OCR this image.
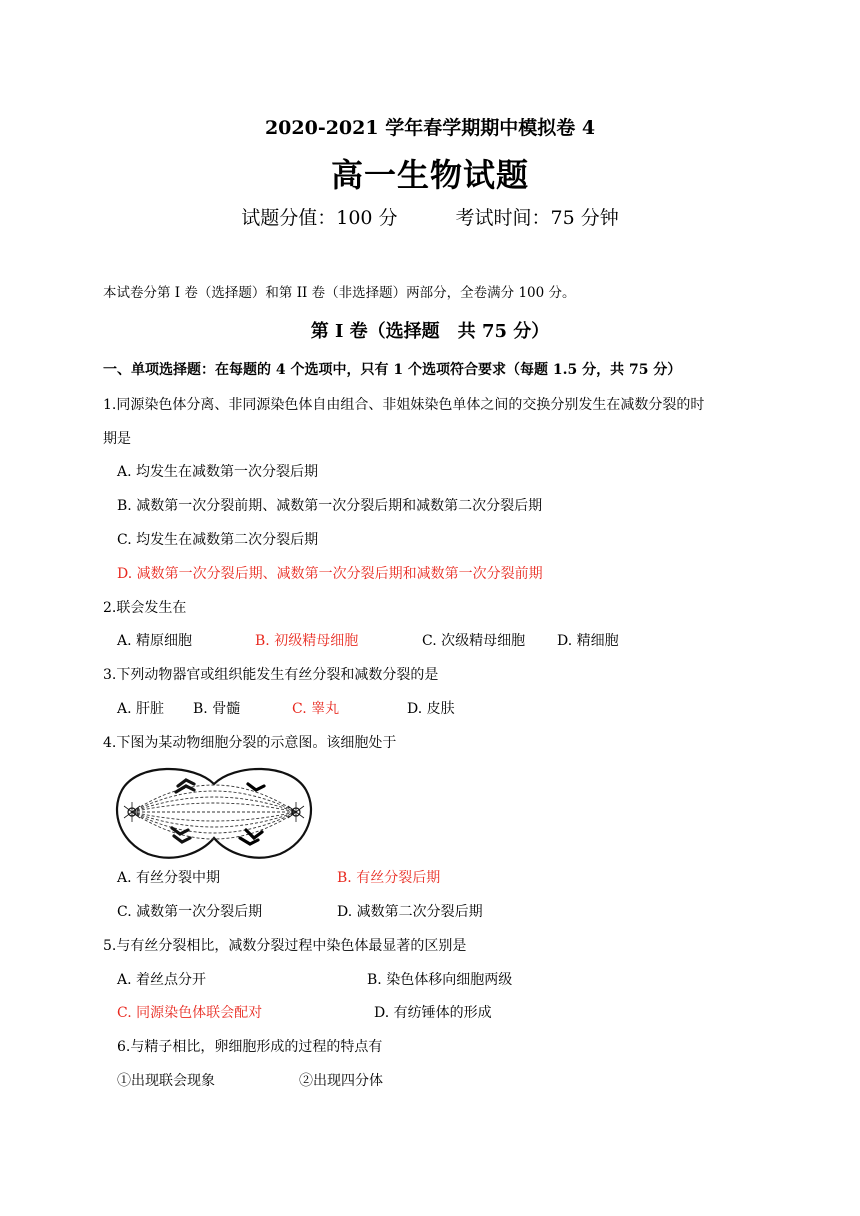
2020-2021 学年春学期期中模拟卷 4
高一生物试题
试题分值：100 分	考试时间：75 分钟
本试卷分第 I 卷（选择题）和第 II 卷（非选择题）两部分，全卷满分 100 分。
第 I 卷（选择题　共 75 分）
一、单项选择题：在每题的 4 个选项中，只有 1 个选项符合要求（每题 1.5 分，共 75 分）
1.同源染色体分离、非同源染色体自由组合、非姐妹染色单体之间的交换分别发生在减数分裂的时
期是
A. 均发生在减数第一次分裂后期
B. 减数第一次分裂前期、减数第一次分裂后期和减数第二次分裂后期
C. 均发生在减数第二次分裂后期
D. 减数第一次分裂后期、减数第一次分裂后期和减数第一次分裂前期
2.联会发生在
A. 精原细胞	B. 初级精母细胞	C. 次级精母细胞 D. 精细胞
3.下列动物器官或组织能发生有丝分裂和减数分裂的是
A. 肝脏 B. 骨髓	C. 睾丸	D. 皮肤
4.下图为某动物细胞分裂的示意图。该细胞处于
A. 有丝分裂中期	B. 有丝分裂后期
C. 减数第一次分裂后期	D. 减数第二次分裂后期
5.与有丝分裂相比，减数分裂过程中染色体最显著的区别是
A. 着丝点分开	B. 染色体移向细胞两级
C. 同源染色体联会配对	D. 有纺锤体的形成
6.与精子相比，卵细胞形成的过程的特点有
①出现联会现象	②出现四分体
